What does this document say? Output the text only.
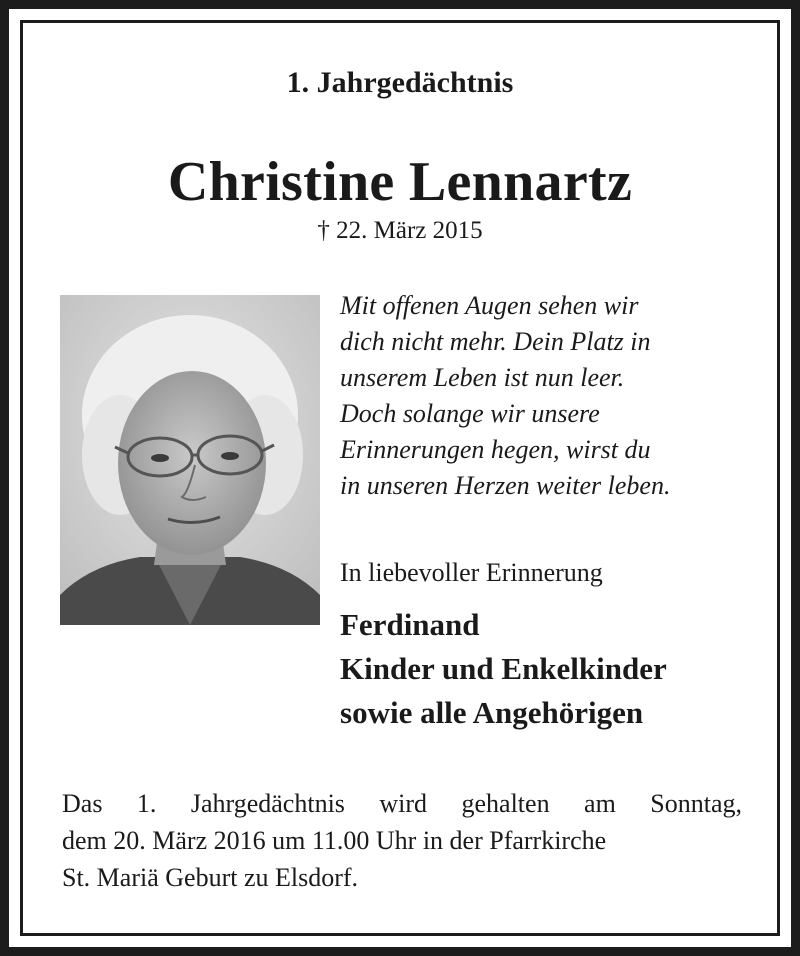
1. Jahrgedächtnis
Christine Lennartz
† 22. März 2015
Mit offenen Augen sehen wir
dich nicht mehr. Dein Platz in
unserem Leben ist nun leer.
Doch solange wir unsere
Erinnerungen hegen, wirst du
in unseren Herzen weiter leben.
In liebevoller Erinnerung
Ferdinand
Kinder und Enkelkinder
sowie alle Angehörigen
Das 1. Jahrgedächtnis wird gehalten am Sonntag,
dem 20. März 2016 um 11.00 Uhr in der Pfarrkirche
St. Mariä Geburt zu Elsdorf.
